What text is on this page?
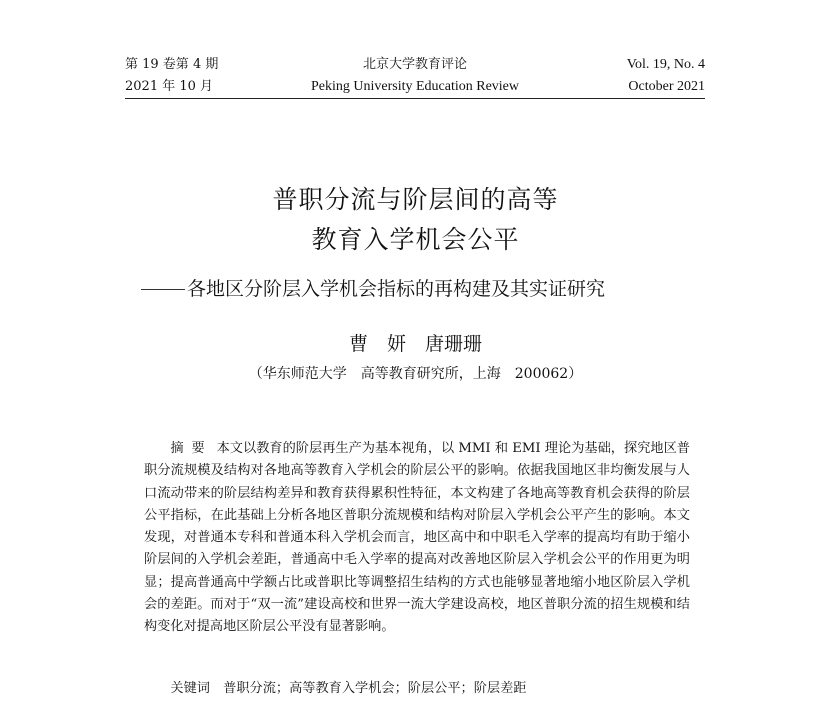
第 19 卷第 4 期
2021 年 10 月
北京大学教育评论
Peking University Education Review
Vol. 19, No. 4
October 2021
普职分流与阶层间的高等
教育入学机会公平
各地区分阶层入学机会指标的再构建及其实证研究
曹　妍　唐珊珊
（华东师范大学　高等教育研究所，上海　200062）

摘要 本文以教育的阶层再生产为基本视角，以 MMI 和 EMI 理论为基础，探究地区普职分流规模及结构对各地高等教育入学机会的阶层公平的影响。依据我国地区非均衡发展与人口流动带来的阶层结构差异和教育获得累积性特征，本文构建了各地高等教育机会获得的阶层公平指标，在此基础上分析各地区普职分流规模和结构对阶层入学机会公平产生的影响。本文发现，对普通本专科和普通本科入学机会而言，地区高中和中职毛入学率的提高均有助于缩小阶层间的入学机会差距，普通高中毛入学率的提高对改善地区阶层入学机会公平的作用更为明显；提高普通高中学额占比或普职比等调整招生结构的方式也能够显著地缩小地区阶层入学机会的差距。而对于“双一流”建设高校和世界一流大学建设高校，地区普职分流的招生规模和结构变化对提高地区阶层公平没有显著影响。

关键词 普职分流；高等教育入学机会；阶层公平；阶层差距
